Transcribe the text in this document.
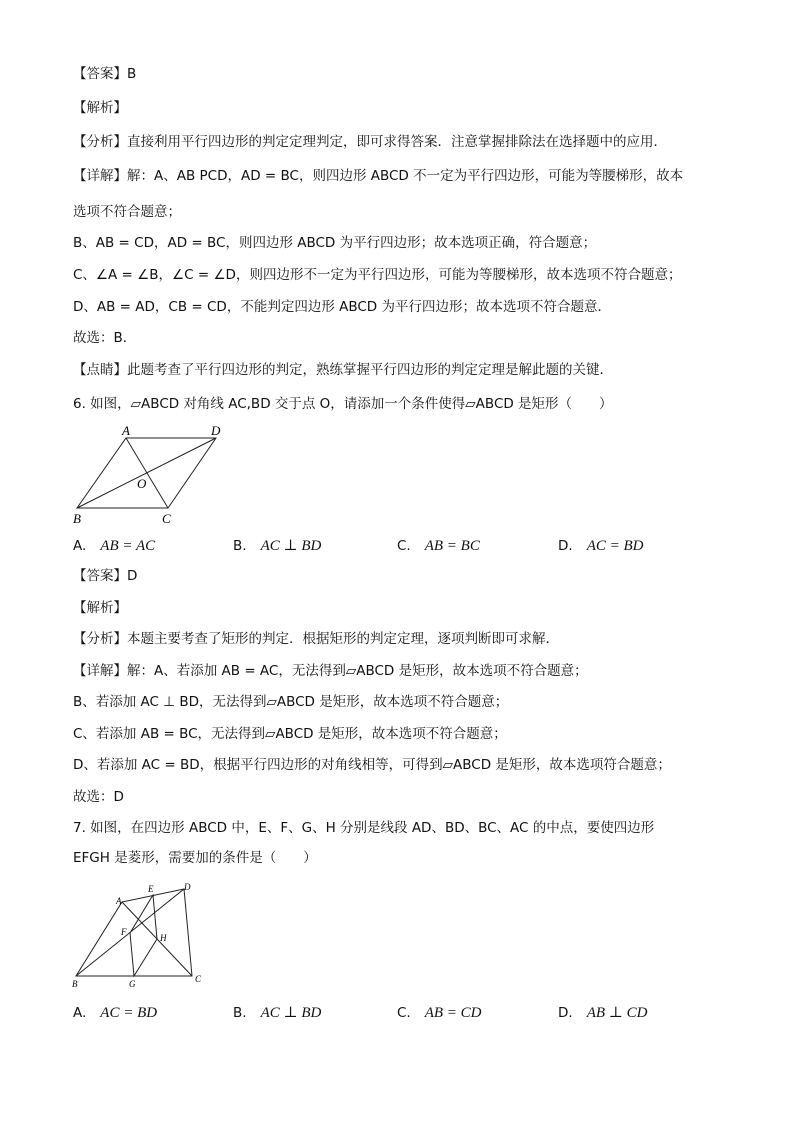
【答案】B
【解析】
【分析】直接利用平行四边形的判定定理判定，即可求得答案．注意掌握排除法在选择题中的应用．
【详解】解：A、AB PCD，AD = BC，则四边形 ABCD 不一定为平行四边形，可能为等腰梯形，故本
选项不符合题意；
B、AB = CD，AD = BC，则四边形 ABCD 为平行四边形；故本选项正确，符合题意；
C、∠A = ∠B，∠C = ∠D，则四边形不一定为平行四边形，可能为等腰梯形，故本选项不符合题意；
D、AB = AD，CB = CD，不能判定四边形 ABCD 为平行四边形；故本选项不符合题意．
故选：B．
【点睛】此题考查了平行四边形的判定，熟练掌握平行四边形的判定定理是解此题的关键．
6. 如图，▱ABCD 对角线 AC,BD 交于点 O，请添加一个条件使得▱ABCD 是矩形（　　）
A	D
O
B	C
A. AB = AC	B. AC ⊥ BD	C. AB = BC	D. AC = BD
【答案】D
【解析】
【分析】本题主要考查了矩形的判定．根据矩形的判定定理，逐项判断即可求解．
【详解】解：A、若添加 AB = AC，无法得到▱ABCD 是矩形，故本选项不符合题意；
B、若添加 AC ⊥ BD，无法得到▱ABCD 是矩形，故本选项不符合题意；
C、若添加 AB = BC，无法得到▱ABCD 是矩形，故本选项不符合题意；
D、若添加 AC = BD，根据平行四边形的对角线相等，可得到▱ABCD 是矩形，故本选项符合题意；
故选：D
7. 如图，在四边形 ABCD 中，E、F、G、H 分别是线段 AD、BD、BC、AC 的中点，要使四边形
EFGH 是菱形，需要加的条件是（　　）
A
E	D
F
H
B	G	C
A. AC = BD	B. AC ⊥ BD	C. AB = CD	D. AB ⊥ CD
